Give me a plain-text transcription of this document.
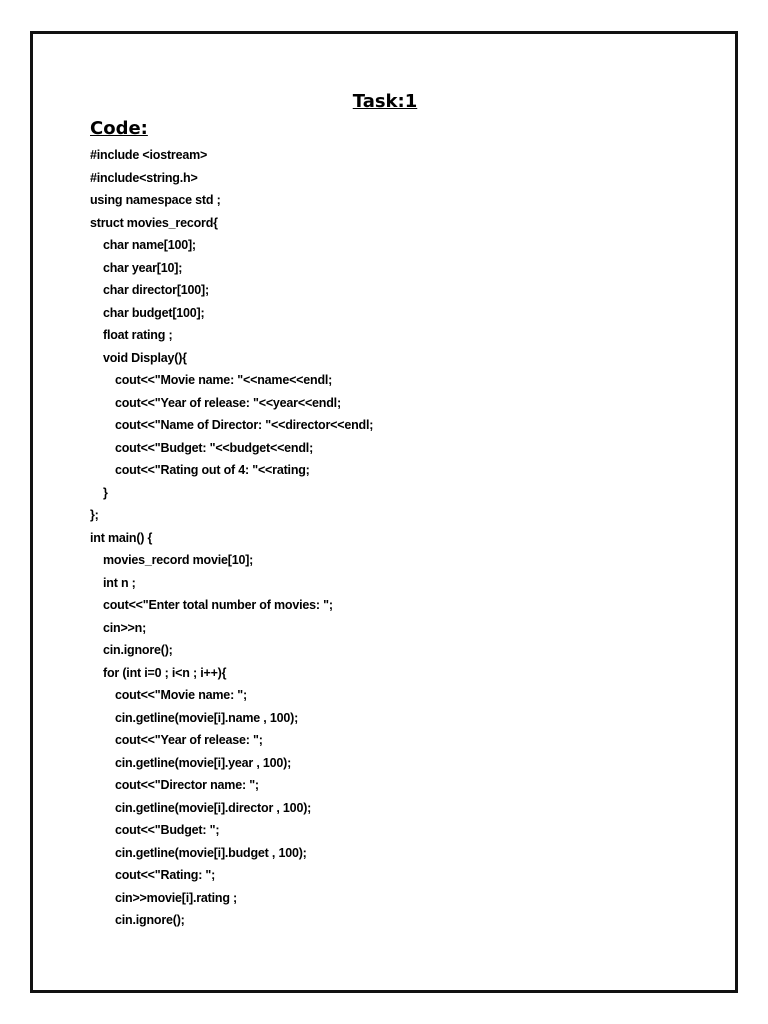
Task:1
Code:
#include <iostream>
#include<string.h>
using namespace std ;
struct movies_record{
char name[100];
char year[10];
char director[100];
char budget[100];
float rating ;
void Display(){
cout<<"Movie name: "<<name<<endl;
cout<<"Year of release: "<<year<<endl;
cout<<"Name of Director: "<<director<<endl;
cout<<"Budget: "<<budget<<endl;
cout<<"Rating out of 4: "<<rating;
}
};
int main() {
movies_record movie[10];
int n ;
cout<<"Enter total number of movies: ";
cin>>n;
cin.ignore();
for (int i=0 ; i<n ; i++){
cout<<"Movie name: ";
cin.getline(movie[i].name , 100);
cout<<"Year of release: ";
cin.getline(movie[i].year , 100);
cout<<"Director name: ";
cin.getline(movie[i].director , 100);
cout<<"Budget: ";
cin.getline(movie[i].budget , 100);
cout<<"Rating: ";
cin>>movie[i].rating ;
cin.ignore();
